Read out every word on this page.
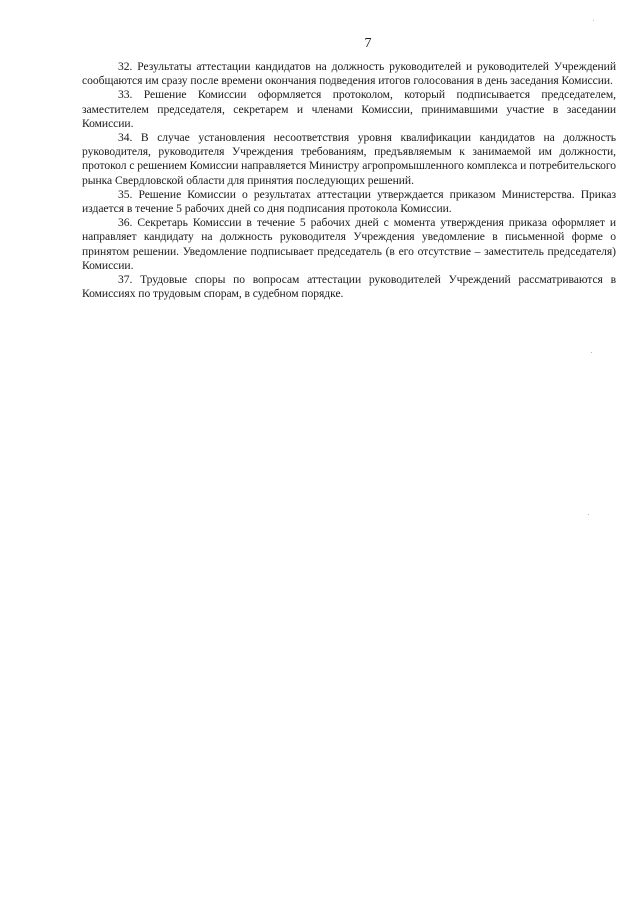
7

32. Результаты аттестации кандидатов на должность руководителей и руководителей Учреждений сообщаются им сразу после времени окончания подведения итогов голосования в день заседания Комиссии.

33. Решение Комиссии оформляется протоколом, который подписывается председателем, заместителем председателя, секретарем и членами Комиссии, принимавшими участие в заседании Комиссии.

34. В случае установления несоответствия уровня квалификации кандидатов на должность руководителя, руководителя Учреждения требованиям, предъявляемым к занимаемой им должности, протокол с решением Комиссии направляется Министру агропромышленного комплекса и потребительского рынка Свердловской области для принятия последующих решений.

35. Решение Комиссии о результатах аттестации утверждается приказом Министерства. Приказ издается в течение 5 рабочих дней со дня подписания протокола Комиссии.

36. Секретарь Комиссии в течение 5 рабочих дней с момента утверждения приказа оформляет и направляет кандидату на должность руководителя Учреждения уведомление в письменной форме о принятом решении. Уведомление подписывает председатель (в его отсутствие – заместитель председателя) Комиссии.

37. Трудовые споры по вопросам аттестации руководителей Учреждений рассматриваются в Комиссиях по трудовым спорам, в судебном порядке.
